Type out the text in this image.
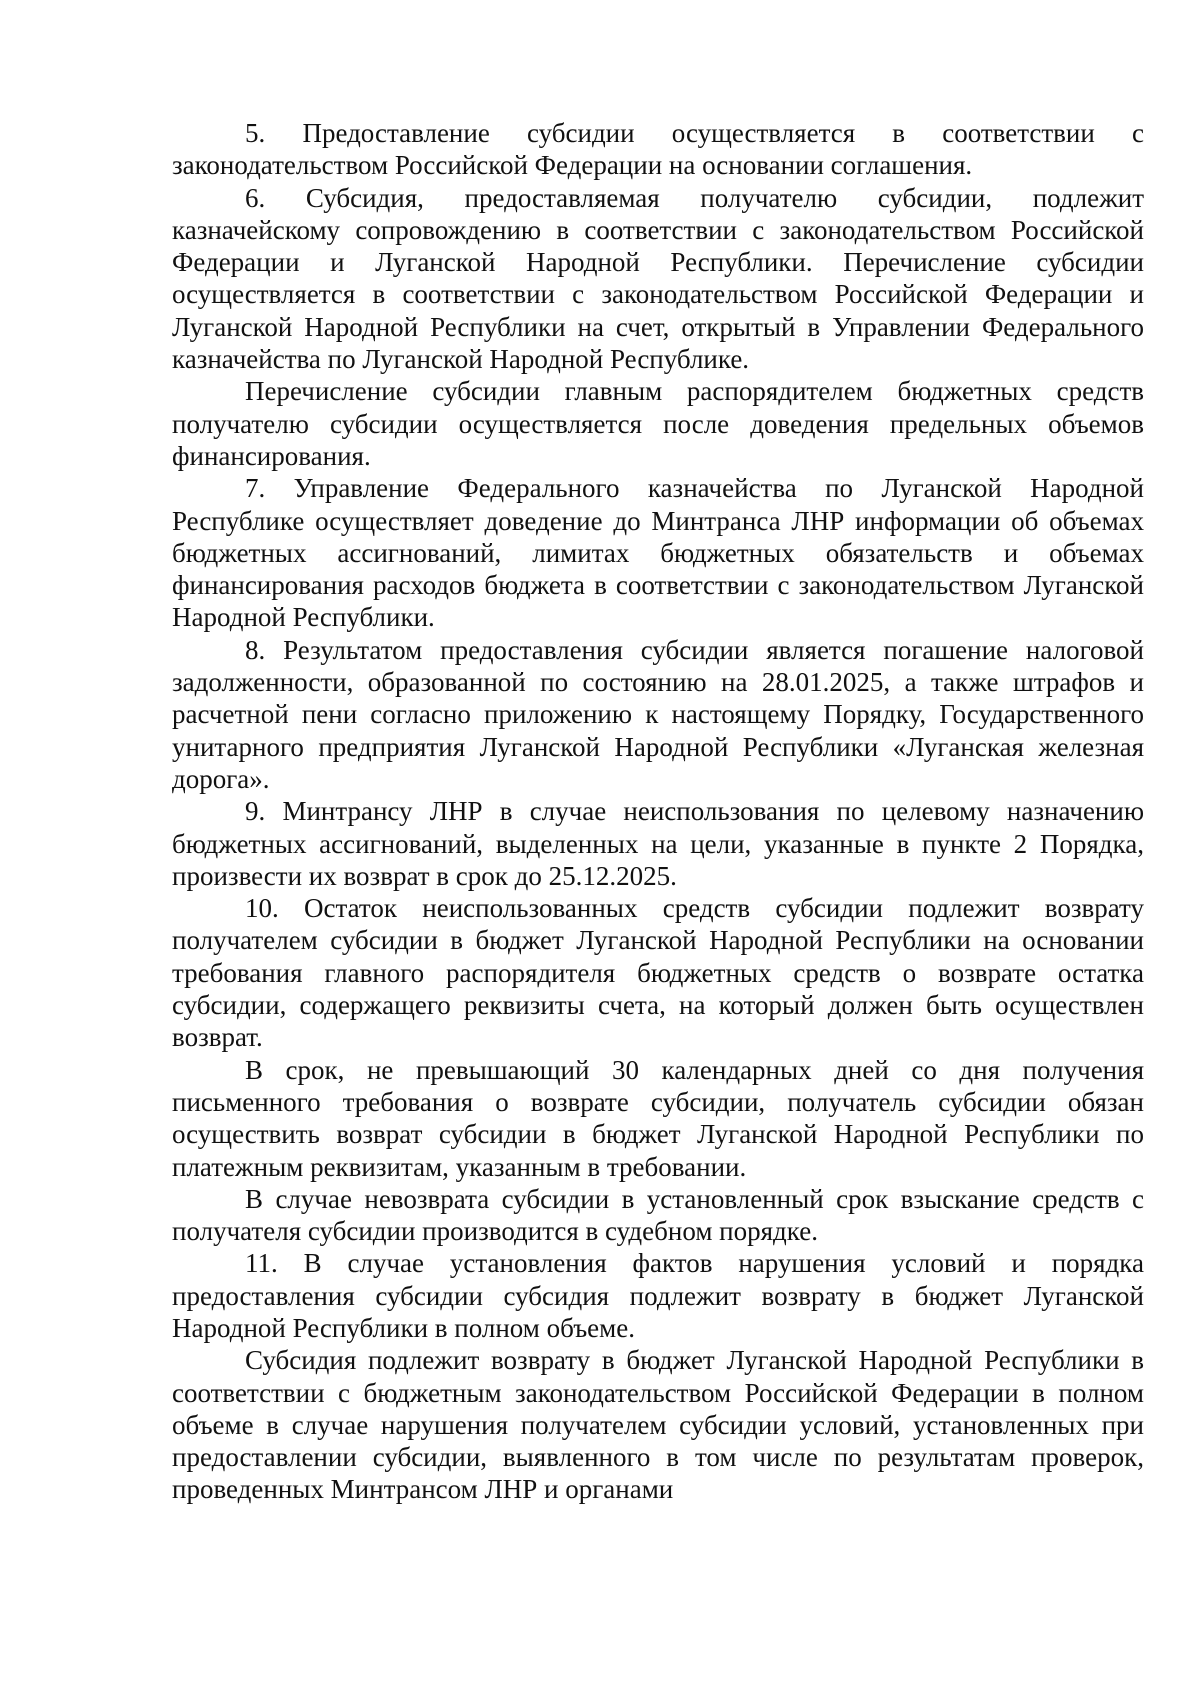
5. Предоставление субсидии осуществляется в соответствии с законодательством Российской Федерации на основании соглашения.

6. Субсидия, предоставляемая получателю субсидии, подлежит казначейскому сопровождению в соответствии с законодательством Российской Федерации и Луганской Народной Республики. Перечисление субсидии осуществляется в соответствии с законодательством Российской Федерации и Луганской Народной Республики на счет, открытый в Управлении Федерального казначейства по Луганской Народной Республике.

Перечисление субсидии главным распорядителем бюджетных средств получателю субсидии осуществляется после доведения предельных объемов финансирования.

7. Управление Федерального казначейства по Луганской Народной Республике осуществляет доведение до Минтранса ЛНР информации об объемах бюджетных ассигнований, лимитах бюджетных обязательств и объемах финансирования расходов бюджета в соответствии с законодательством Луганской Народной Республики.

8. Результатом предоставления субсидии является погашение налоговой задолженности, образованной по состоянию на 28.01.2025, а также штрафов и расчетной пени согласно приложению к настоящему Порядку, Государственного унитарного предприятия Луганской Народной Республики «Луганская железная дорога».

9. Минтрансу ЛНР в случае неиспользования по целевому назначению бюджетных ассигнований, выделенных на цели, указанные в пункте 2 Порядка, произвести их возврат в срок до 25.12.2025.

10. Остаток неиспользованных средств субсидии подлежит возврату получателем субсидии в бюджет Луганской Народной Республики на основании требования главного распорядителя бюджетных средств о возврате остатка субсидии, содержащего реквизиты счета, на который должен быть осуществлен возврат.

В срок, не превышающий 30 календарных дней со дня получения письменного требования о возврате субсидии, получатель субсидии обязан осуществить возврат субсидии в бюджет Луганской Народной Республики по платежным реквизитам, указанным в требовании.

В случае невозврата субсидии в установленный срок взыскание средств с получателя субсидии производится в судебном порядке.

11. В случае установления фактов нарушения условий и порядка предоставления субсидии субсидия подлежит возврату в бюджет Луганской Народной Республики в полном объеме.

Субсидия подлежит возврату в бюджет Луганской Народной Республики в соответствии с бюджетным законодательством Российской Федерации в полном объеме в случае нарушения получателем субсидии условий, установленных при предоставлении субсидии, выявленного в том числе по результатам проверок, проведенных Минтрансом ЛНР и органами
